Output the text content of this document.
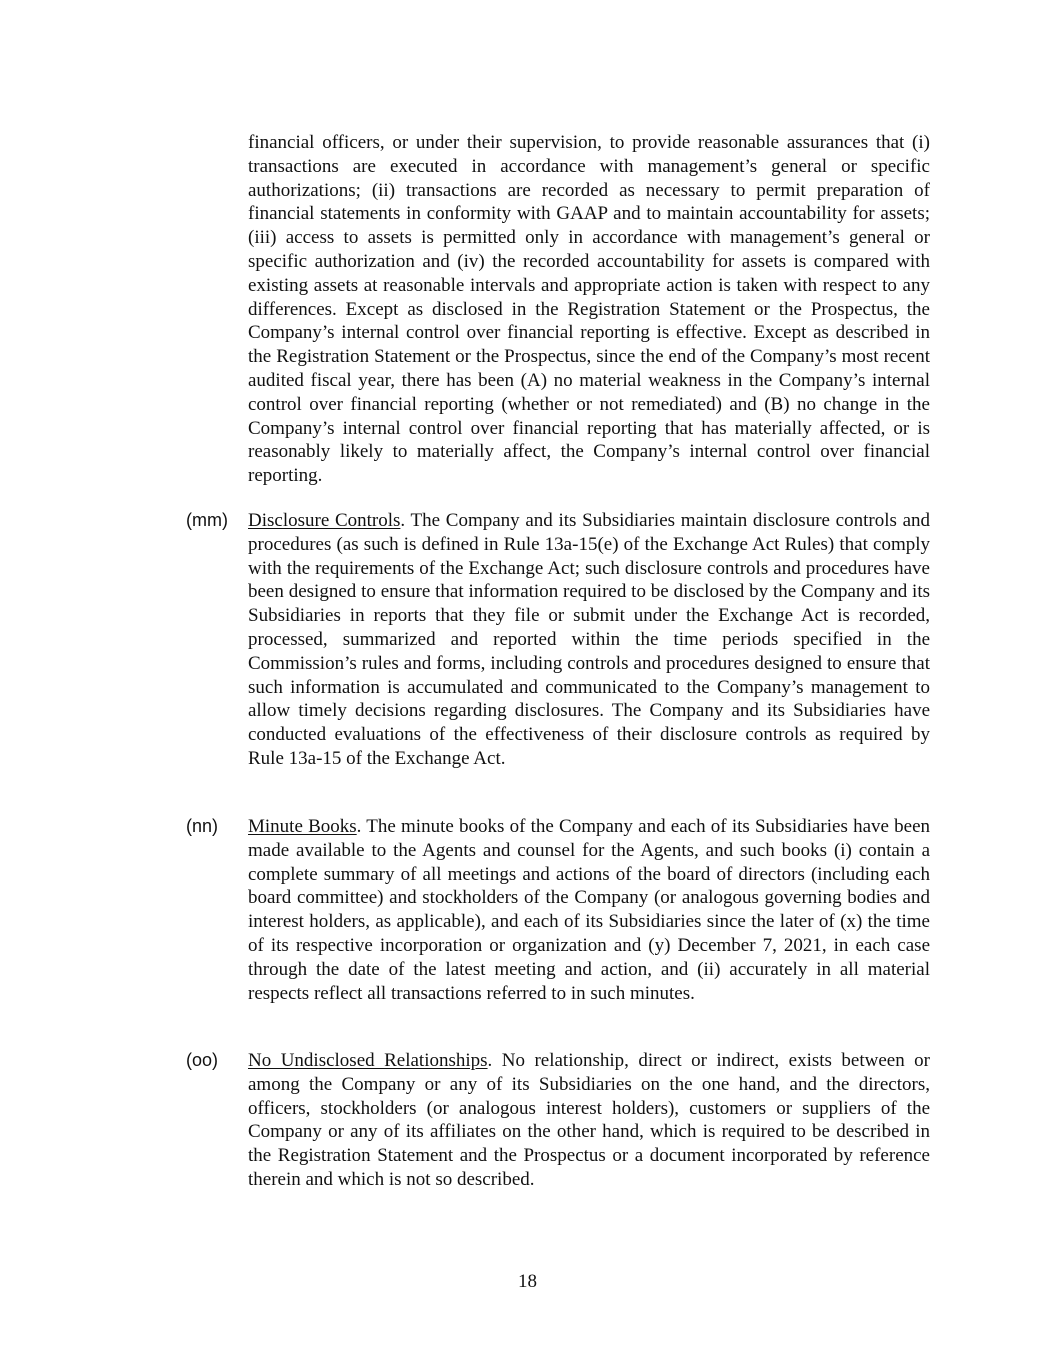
financial officers, or under their supervision, to provide reasonable assurances that (i) transactions are executed in accordance with management’s general or specific authorizations; (ii) transactions are recorded as necessary to permit preparation of financial statements in conformity with GAAP and to maintain accountability for assets; (iii) access to assets is permitted only in accordance with management’s general or specific authorization and (iv) the recorded accountability for assets is compared with existing assets at reasonable intervals and appropriate action is taken with respect to any differences. Except as disclosed in the Registration Statement or the Prospectus, the Company’s internal control over financial reporting is effective. Except as described in the Registration Statement or the Prospectus, since the end of the Company’s most recent audited fiscal year, there has been (A) no material weakness in the Company’s internal control over financial reporting (whether or not remediated) and (B) no change in the Company’s internal control over financial reporting that has materially affected, or is reasonably likely to materially affect, the Company’s internal control over financial reporting.

(mm) Disclosure Controls. The Company and its Subsidiaries maintain disclosure controls and procedures (as such is defined in Rule 13a-15(e) of the Exchange Act Rules) that comply with the requirements of the Exchange Act; such disclosure controls and procedures have been designed to ensure that information required to be disclosed by the Company and its Subsidiaries in reports that they file or submit under the Exchange Act is recorded, processed, summarized and reported within the time periods specified in the Commission’s rules and forms, including controls and procedures designed to ensure that such information is accumulated and communicated to the Company’s management to allow timely decisions regarding disclosures. The Company and its Subsidiaries have conducted evaluations of the effectiveness of their disclosure controls as required by Rule 13a-15 of the Exchange Act.

(nn) Minute Books. The minute books of the Company and each of its Subsidiaries have been made available to the Agents and counsel for the Agents, and such books (i) contain a complete summary of all meetings and actions of the board of directors (including each board committee) and stockholders of the Company (or analogous governing bodies and interest holders, as applicable), and each of its Subsidiaries since the later of (x) the time of its respective incorporation or organization and (y) December 7, 2021, in each case through the date of the latest meeting and action, and (ii) accurately in all material respects reflect all transactions referred to in such minutes.

(oo) No Undisclosed Relationships. No relationship, direct or indirect, exists between or among the Company or any of its Subsidiaries on the one hand, and the directors, officers, stockholders (or analogous interest holders), customers or suppliers of the Company or any of its affiliates on the other hand, which is required to be described in the Registration Statement and the Prospectus or a document incorporated by reference therein and which is not so described.

18
